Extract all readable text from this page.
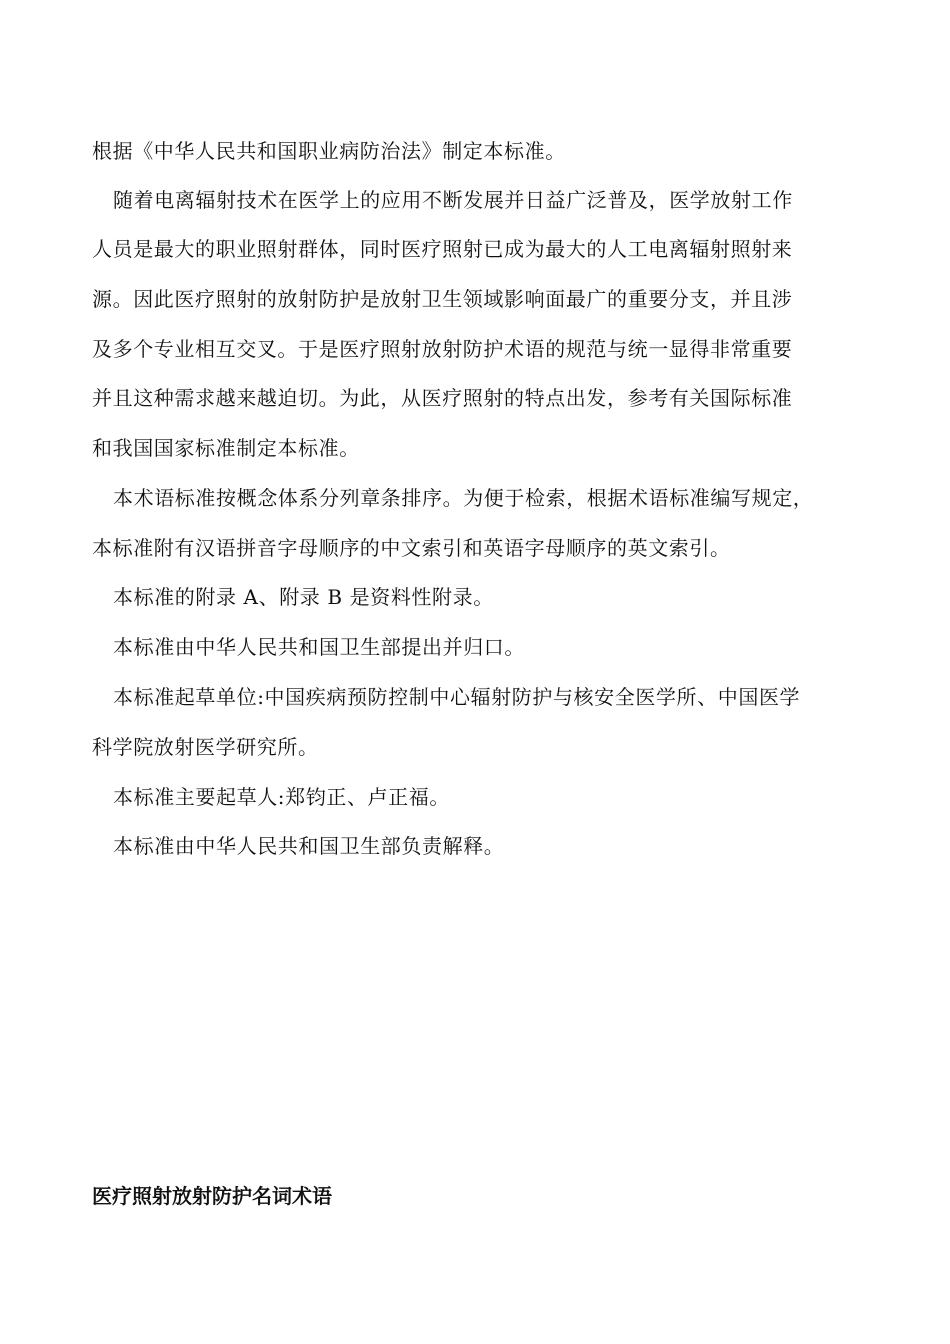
根据《中华人民共和国职业病防治法》制定本标准。
随着电离辐射技术在医学上的应用不断发展并日益广泛普及，医学放射工作
人员是最大的职业照射群体，同时医疗照射已成为最大的人工电离辐射照射来
源。因此医疗照射的放射防护是放射卫生领域影响面最广的重要分支，并且涉
及多个专业相互交叉。于是医疗照射放射防护术语的规范与统一显得非常重要
并且这种需求越来越迫切。为此，从医疗照射的特点出发，参考有关国际标准
和我国国家标准制定本标准。
本术语标准按概念体系分列章条排序。为便于检索，根据术语标准编写规定，
本标准附有汉语拼音字母顺序的中文索引和英语字母顺序的英文索引。
本标准的附录 A、附录 B 是资料性附录。
本标准由中华人民共和国卫生部提出并归口。
本标准起草单位:中国疾病预防控制中心辐射防护与核安全医学所、中国医学
科学院放射医学研究所。
本标准主要起草人:郑钧正、卢正福。
本标准由中华人民共和国卫生部负责解释。
医疗照射放射防护名词术语
